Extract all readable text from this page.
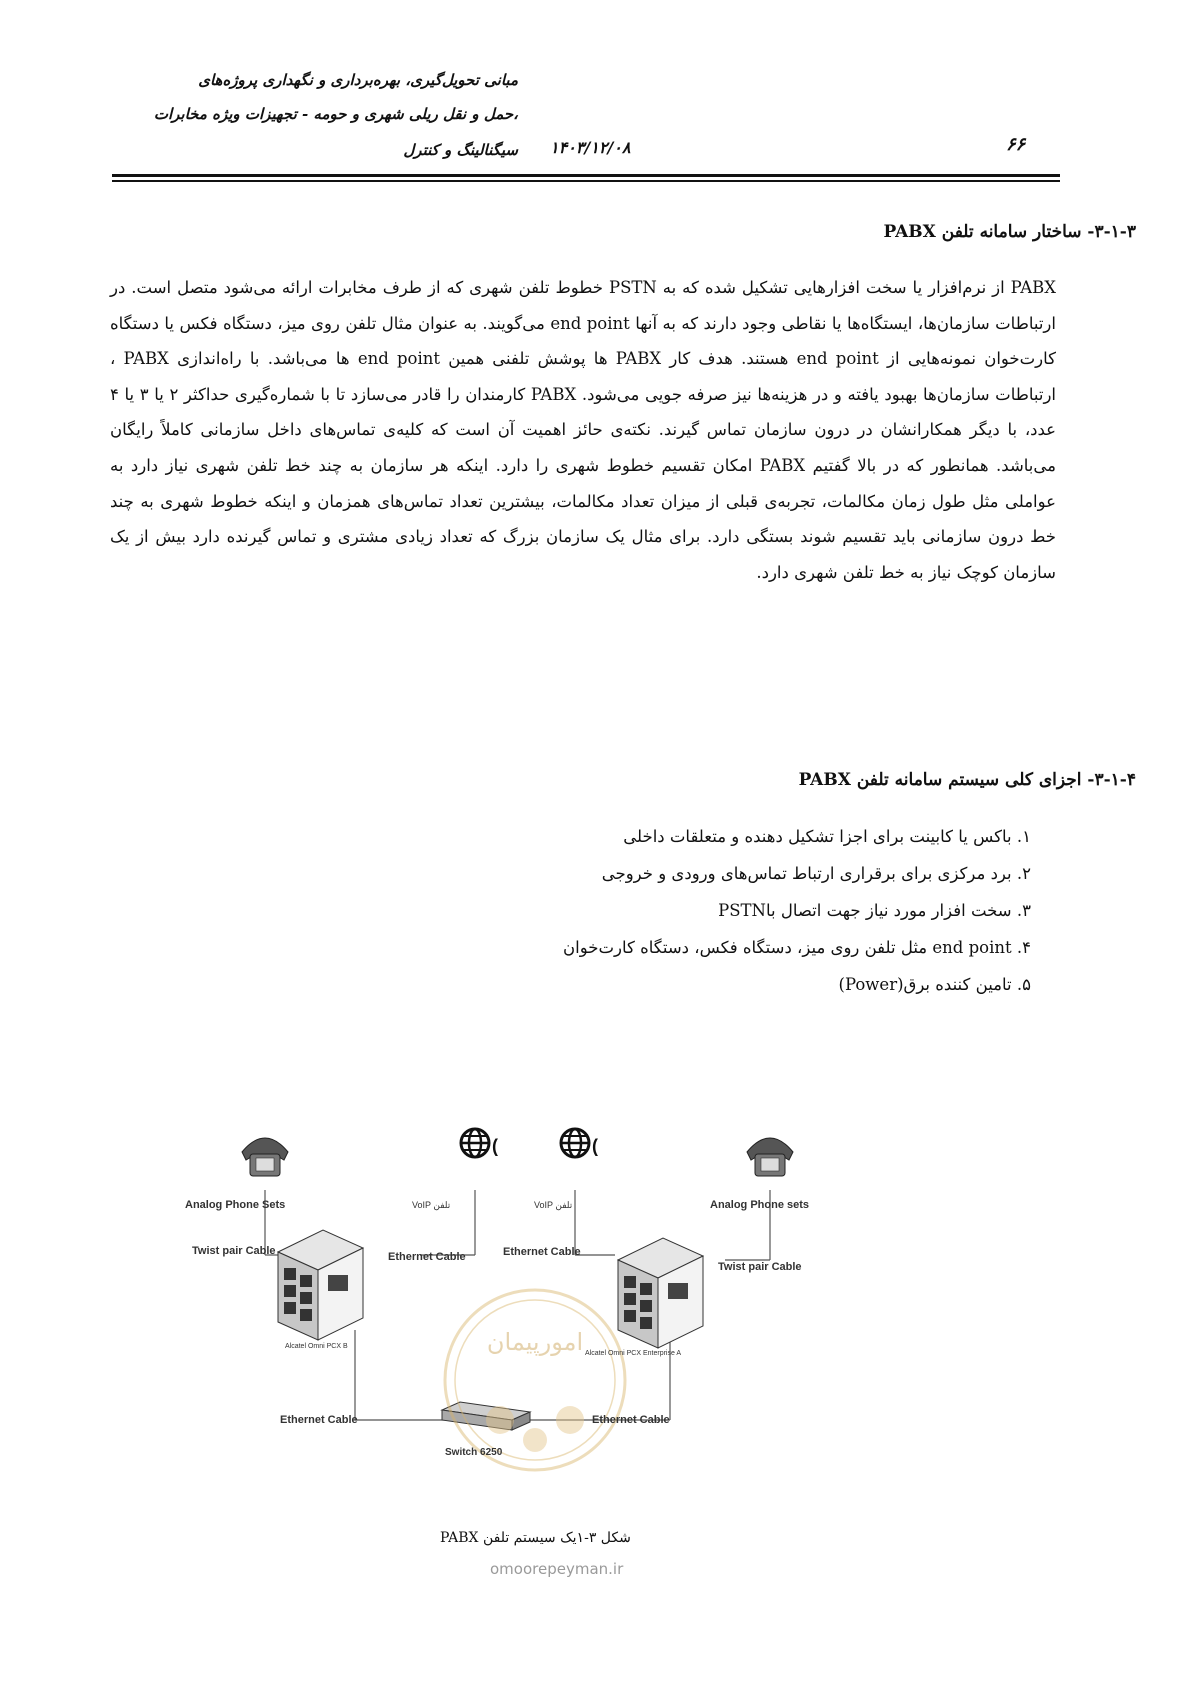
مبانی تحویل‌گیری، بهره‌برداری و نگهداری پروژه‌های
حمل و نقل ریلی شهری و حومه - تجهیزات ویژه مخابرات،
سیگنالینگ و کنترل ۱۴۰۳/۱۲/۰۸	۶۶
۳-۱-۳- ساختار سامانه تلفن PABX
PABX از نرم‌افزار یا سخت افزارهایی تشکیل شده که به PSTN خطوط تلفن شهری که از طرف مخابرات ارائه می‌شود متصل است. در ارتباطات سازمان‌ها، ایستگاه‌ها یا نقاطی وجود دارند که به آنها end point می‌گویند. به عنوان مثال تلفن روی میز، دستگاه فکس یا دستگاه کارت‌خوان نمونه‌هایی از end point هستند. هدف کار PABX ها پوشش تلفنی همین end point ها می‌باشد. با راه‌اندازی PABX ، ارتباطات سازمان‌ها بهبود یافته و در هزینه‌ها نیز صرفه جویی می‌شود. PABX کارمندان را قادر می‌سازد تا با شماره‌گیری حداکثر ۲ یا ۳ یا ۴ عدد، با دیگر همکارانشان در درون سازمان تماس گیرند. نکته‌ی حائز اهمیت آن است که کلیه‌ی تماس‌های داخل سازمانی کاملاً رایگان می‌باشد. همانطور که در بالا گفتیم PABX امکان تقسیم خطوط شهری را دارد. اینکه هر سازمان به چند خط تلفن شهری نیاز دارد به عواملی مثل طول زمان مکالمات، تجربه‌ی قبلی از میزان تعداد مکالمات، بیشترین تعداد تماس‌های همزمان و اینکه خطوط شهری به چند خط درون سازمانی باید تقسیم شوند بستگی دارد. برای مثال یک سازمان بزرگ که تعداد زیادی مشتری و تماس گیرنده دارد بیش از یک سازمان کوچک نیاز به خط تلفن شهری دارد.
۳-۱-۴- اجزای کلی سیستم سامانه تلفن PABX
۱. باکس یا کابینت برای اجزا تشکیل دهنده و متعلقات داخلی
۲. برد مرکزی برای برقراری ارتباط تماس‌های ورودی و خروجی
۳. سخت افزار مورد نیاز جهت اتصال باPSTN
۴. end point مثل تلفن روی میز، دستگاه فکس، دستگاه کارت‌خوان
۵. تامین کننده برق(Power)
(	(
امورپیمان
Analog Phone Sets	Analog Phone sets
VoIP تلفن	VoIP تلفن
Twist pair Cable	Ethernet Cable	Ethernet Cable
Twist pair Cable
Alcatel Omni PCX B
Alcatel Omni PCX Enterprise A
Ethernet Cable	Ethernet Cable
Switch 6250
شکل ۳-۱یک سیستم تلفن PABX
omoorepeyman.ir
